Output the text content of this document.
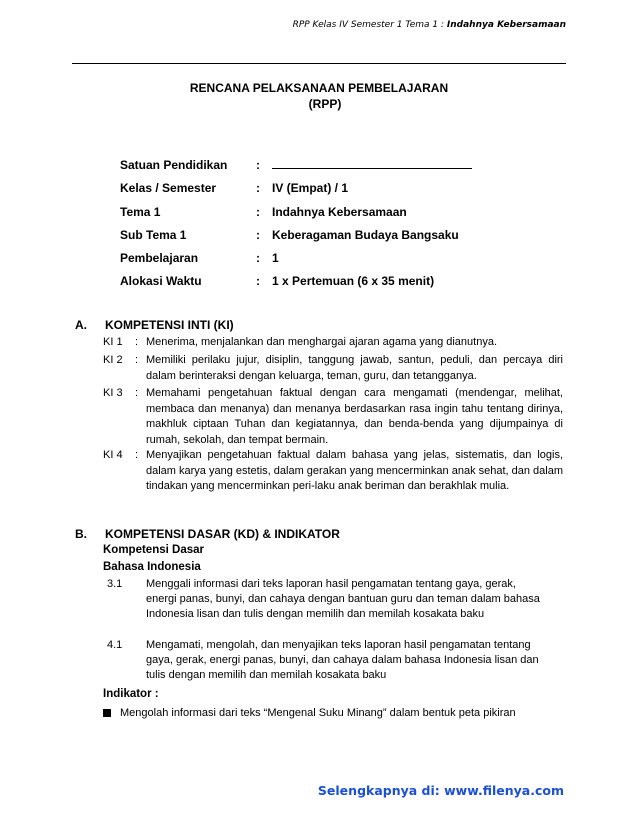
RPP Kelas IV Semester 1 Tema 1 : Indahnya Kebersamaan
RENCANA PELAKSANAAN PEMBELAJARAN
(RPP)
Satuan Pendidikan :
Kelas / Semester	: IV (Empat) / 1
Tema 1	: Indahnya Kebersamaan
Sub Tema 1	: Keberagaman Budaya Bangsaku
Pembelajaran	: 1
Alokasi Waktu	: 1 x Pertemuan (6 x 35 menit)
A. KOMPETENSI INTI (KI)
KI 1 : Menerima, menjalankan dan menghargai ajaran agama yang dianutnya.
KI 2 : Memiliki perilaku jujur, disiplin, tanggung jawab, santun, peduli, dan percaya diri dalam berinteraksi dengan keluarga, teman, guru, dan tetangganya.
KI 3 : Memahami pengetahuan faktual dengan cara mengamati (mendengar, melihat, membaca dan menanya) dan menanya berdasarkan rasa ingin tahu tentang dirinya, makhluk ciptaan Tuhan dan kegiatannya, dan benda-benda yang dijumpainya di rumah, sekolah, dan tempat bermain.
KI 4 : Menyajikan pengetahuan faktual dalam bahasa yang jelas, sistematis, dan logis, dalam karya yang estetis, dalam gerakan yang mencerminkan anak sehat, dan dalam tindakan yang mencerminkan peri-laku anak beriman dan berakhlak mulia.
B. KOMPETENSI DASAR (KD) & INDIKATOR
Kompetensi Dasar
Bahasa Indonesia
3.1 Menggali informasi dari teks laporan hasil pengamatan tentang gaya, gerak, energi panas, bunyi, dan cahaya dengan bantuan guru dan teman dalam bahasa Indonesia lisan dan tulis dengan memilih dan memilah kosakata baku
4.1 Mengamati, mengolah, dan menyajikan teks laporan hasil pengamatan tentang gaya, gerak, energi panas, bunyi, dan cahaya dalam bahasa Indonesia lisan dan tulis dengan memilih dan memilah kosakata baku
Indikator :
Mengolah informasi dari teks “Mengenal Suku Minang” dalam bentuk peta pikiran
Selengkapnya di: www.filenya.com
